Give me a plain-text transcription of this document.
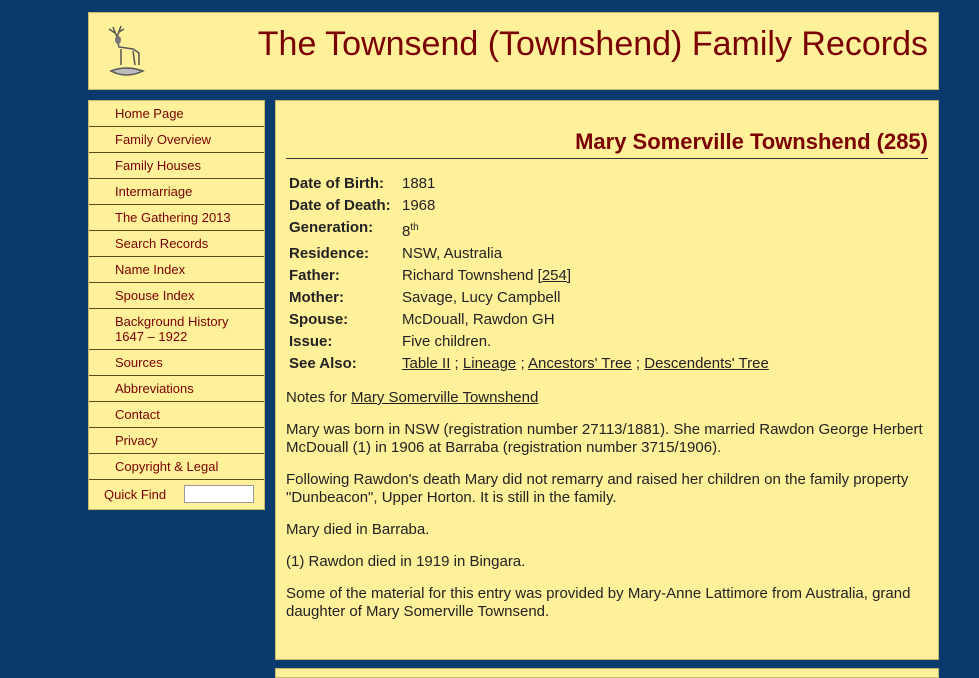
The Townsend (Townshend) Family Records
Home Page
Family Overview
Family Houses
Intermarriage
The Gathering 2013
Search Records
Name Index
Spouse Index
Background History
1647 – 1922
Sources
Abbreviations
Contact
Privacy
Copyright & Legal
Quick Find
Mary Somerville Townshend (285)
Date of Birth:	1881
Date of Death:	1968
Generation:	8th
Residence:	NSW, Australia
Father:	Richard Townshend [254]
Mother:	Savage, Lucy Campbell
Spouse:	McDouall, Rawdon GH
Issue:	Five children.
See Also:	Table II ; Lineage ; Ancestors' Tree ; Descendents' Tree

Notes for Mary Somerville Townshend

Mary was born in NSW (registration number 27113/1881). She married Rawdon George Herbert McDouall (1) in 1906 at Barraba (registration number 3715/1906).

Following Rawdon's death Mary did not remarry and raised her children on the family property "Dunbeacon", Upper Horton. It is still in the family.

Mary died in Barraba.

(1) Rawdon died in 1919 in Bingara.

Some of the material for this entry was provided by Mary-Anne Lattimore from Australia, grand daughter of Mary Somerville Townsend.
